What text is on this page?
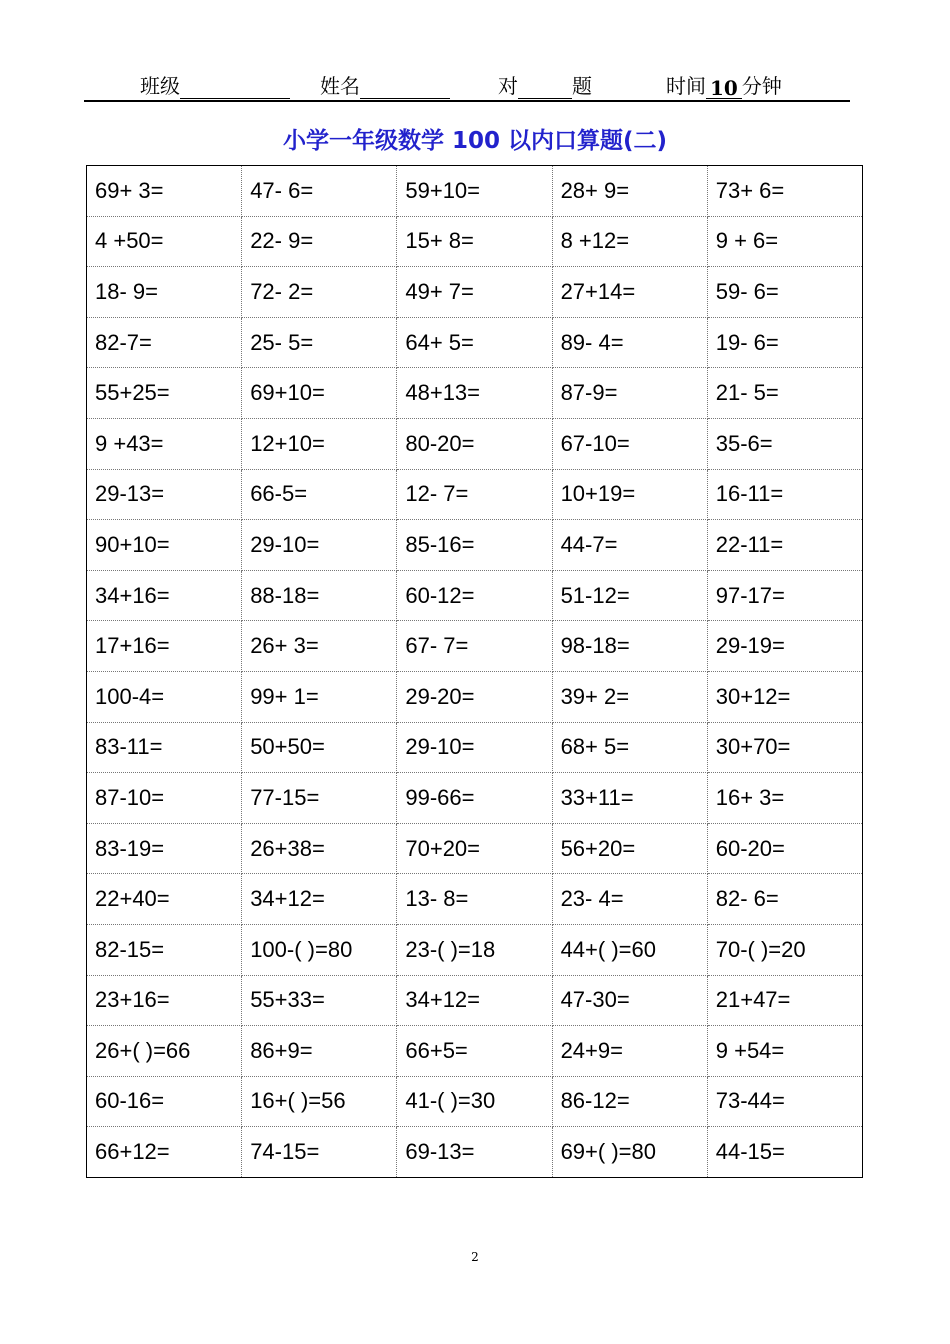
班级	姓名	对	题	时间 10 分钟
小学一年级数学 100 以内口算题(二)
69+ 3=	47- 6=	59+10=	28+ 9=	73+ 6=
4 +50=	22- 9=	15+ 8=	8 +12=	9 + 6=
18- 9=	72- 2=	49+ 7=	27+14=	59- 6=
82-7=	25- 5=	64+ 5=	89- 4=	19- 6=
55+25=	69+10=	48+13=	87-9=	21- 5=
9 +43=	12+10=	80-20=	67-10=	35-6=
29-13=	66-5=	12- 7=	10+19=	16-11=
90+10=	29-10=	85-16=	44-7=	22-11=
34+16=	88-18=	60-12=	51-12=	97-17=
17+16=	26+ 3=	67- 7=	98-18=	29-19=
100-4=	99+ 1=	29-20=	39+ 2=	30+12=
83-11=	50+50=	29-10=	68+ 5=	30+70=
87-10=	77-15=	99-66=	33+11=	16+ 3=
83-19=	26+38=	70+20=	56+20=	60-20=
22+40=	34+12=	13- 8=	23- 4=	82- 6=
82-15=	100-( )=80	23-( )=18	44+( )=60	70-( )=20
23+16=	55+33=	34+12=	47-30=	21+47=
26+( )=66	86+9=	66+5=	24+9=	9 +54=
60-16=	16+( )=56	41-( )=30	86-12=	73-44=
66+12=	74-15=	69-13=	69+( )=80	44-15=
2
